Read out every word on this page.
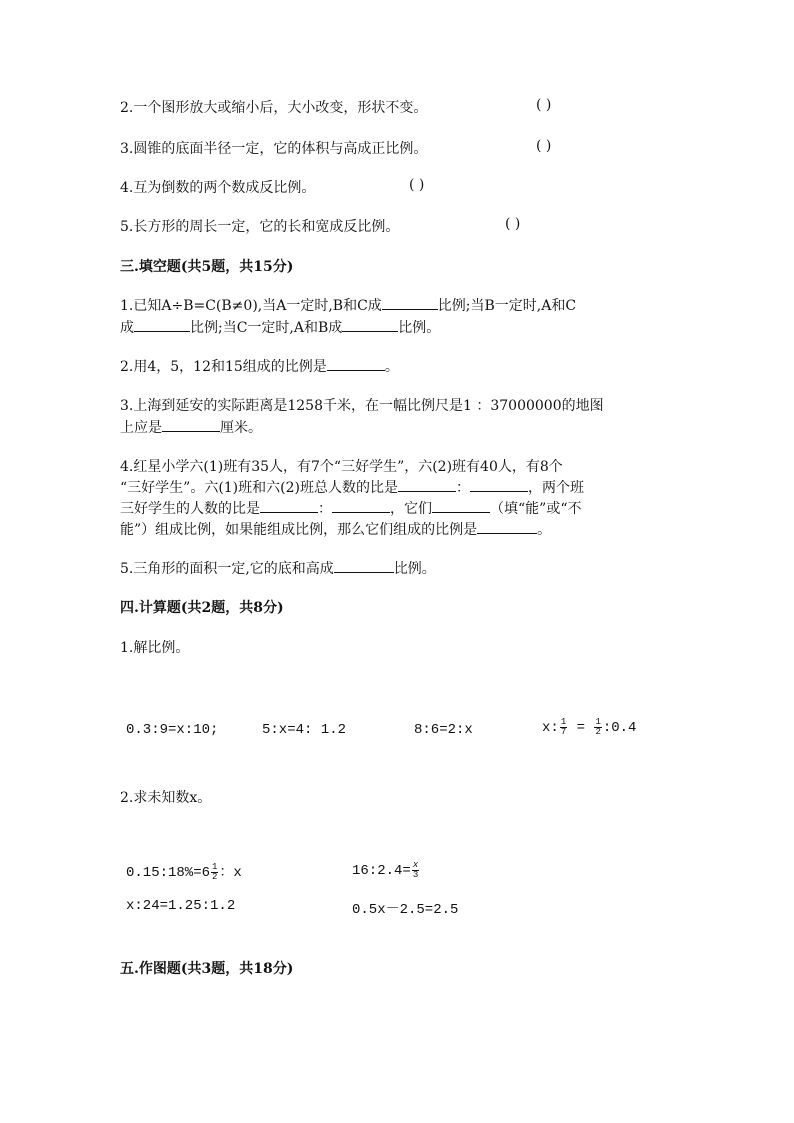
2.一个图形放大或缩小后，大小改变，形状不变。	( )
3.圆锥的底面半径一定，它的体积与高成正比例。	( )
4.互为倒数的两个数成反比例。	( )
5.长方形的周长一定，它的长和宽成反比例。	( )
三.填空题(共5题，共15分)
1.已知A÷B=C(B≠0),当A一定时,B和C成	比例;当B一定时,A和C
成	比例;当C一定时,A和B成	比例。
2.用4，5，12和15组成的比例是	。
3.上海到延安的实际距离是1258千米，在一幅比例尺是1 ：37000000的地图
上应是	厘米。
4.红星小学六(1)班有35人，有7个“三好学生”，六(2)班有40人，有8个
“三好学生”。六(1)班和六(2)班总人数的比是	：	，两个班
三好学生的人数的比是	：	，它们	（填“能”或“不
能”）组成比例，如果能组成比例，那么它们组成的比例是	。
5.三角形的面积一定,它的底和高成	比例。
四.计算题(共2题，共8分)
1.解比例。
0.3:9=x:10;	5:x=4: 1.2	8:6=2:x	x: $\frac{1}{7} = \frac{1}{2}$ :0.4
2.求未知数x。
0.15:18%=6 $\frac{1}{2}$ ：x	16:2.4= $\frac{x}{3}$
x:24=1.25:1.2	0.5x－2.5=2.5
五.作图题(共3题，共18分)
